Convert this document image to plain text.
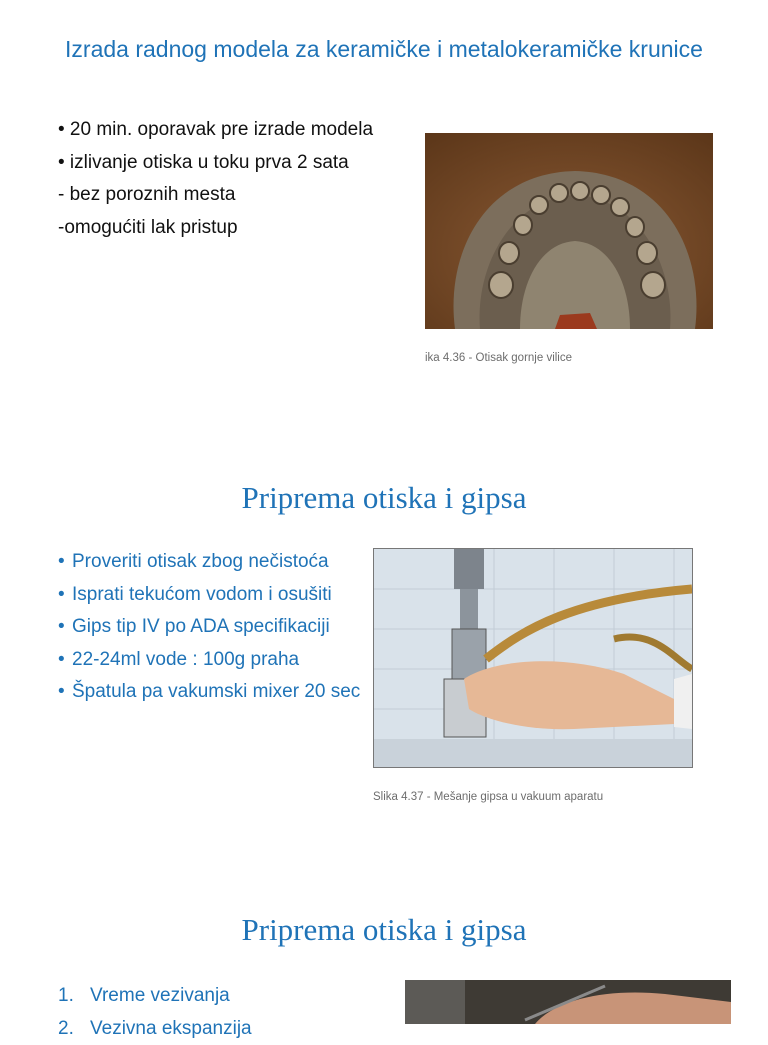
Izrada radnog modela za keramičke i metalokeramičke krunice
• 20 min. oporavak pre izrade modela
• izlivanje otiska u toku prva 2 sata
- bez poroznih mesta
-omogućiti lak pristup
ika 4.36 - Otisak gornje vilice
Priprema otiska i gipsa
• Proveriti otisak zbog nečistoća
• Isprati tekućom vodom i osušiti
• Gips tip IV po ADA specifikaciji
• 22-24ml vode : 100g praha
• Špatula pa vakumski mixer 20 sec
Slika 4.37 - Mešanje gipsa u vakuum aparatu
Priprema otiska i gipsa
1. Vreme vezivanja
2. Vezivna ekspanzija
